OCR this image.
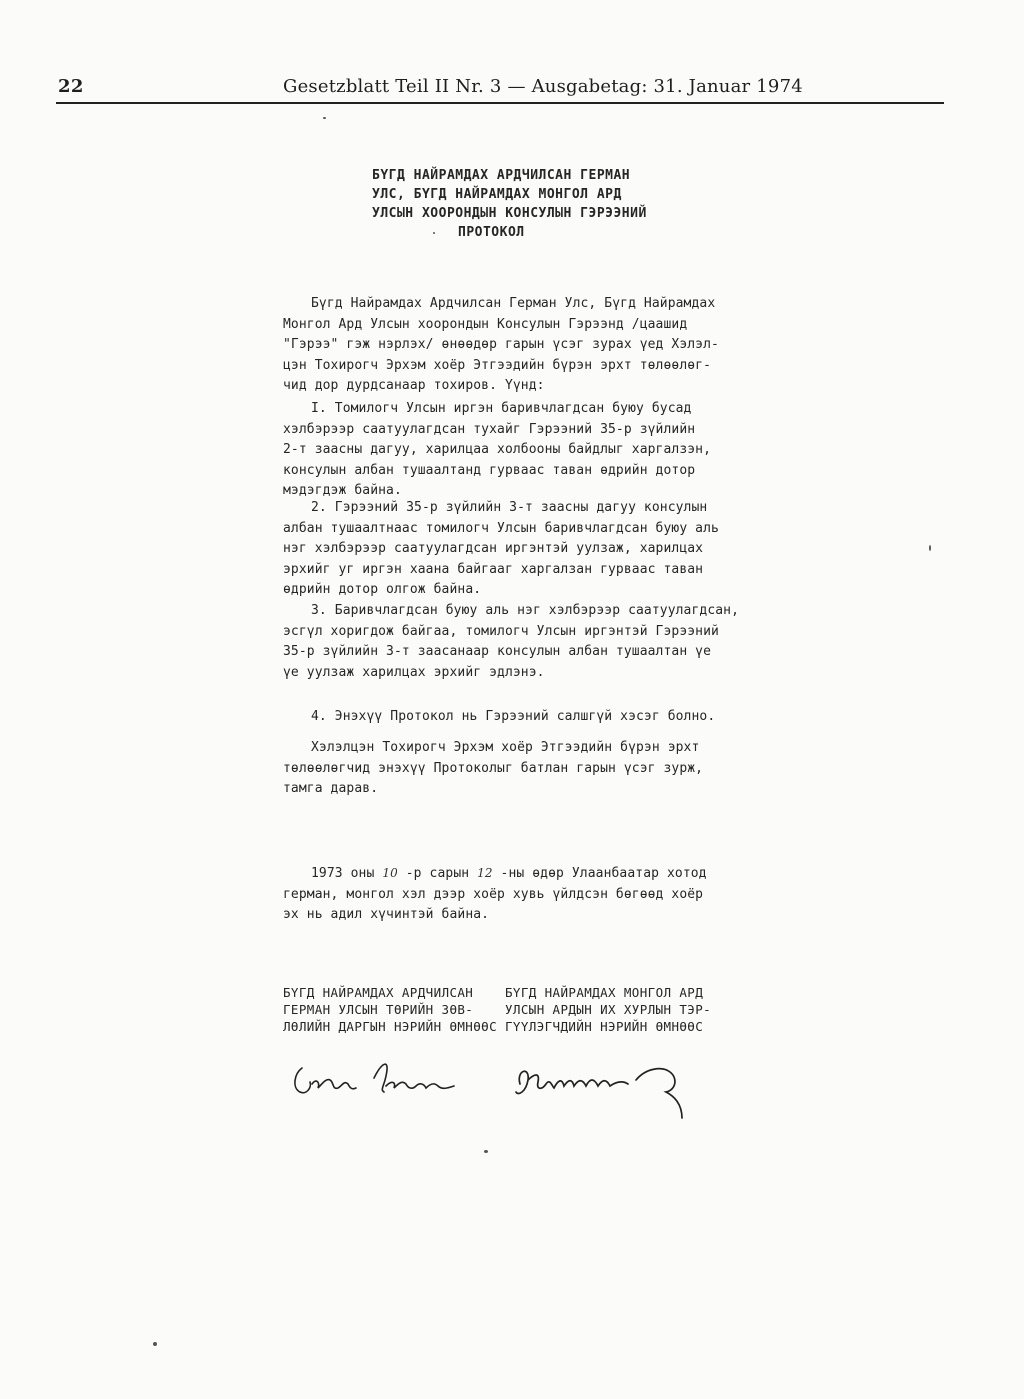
22	Gesetzblatt Teil II Nr. 3 — Ausgabetag: 31. Januar 1974
БҮГД НАЙРАМДАХ АРДЧИЛСАН ГЕРМАН
УЛС, БҮГД НАЙРАМДАХ МОНГОЛ АРД
УЛСЫН ХООРОНДЫН КОНСУЛЫН ГЭРЭЭНИЙ
ПРОТОКОЛ
Бүгд Найрамдах Ардчилсан Герман Улс, Бүгд Найрамдах
Монгол Ард Улсын хоорондын Консулын Гэрээнд /цаашид
"Гэрээ" гэж нэрлэх/ өнөөдөр гарын үсэг зурах үед Хэлэл-
цэн Тохирогч Эрхэм хоёр Этгээдийн бүрэн эрхт төлөөлөг-
чид дор дурдсанаар тохиров. Үүнд:
I. Томилогч Улсын иргэн баривчлагдсан буюу бусад
хэлбэрээр саатуулагдсан тухайг Гэрээний 35-р зүйлийн
2-т заасны дагуу, харилцаа холбооны байдлыг харгалзэн,
консулын албан тушаалтанд гурваас таван өдрийн дотор
мэдэгдэж байна.
2. Гэрээний 35-р зүйлийн 3-т заасны дагуу консулын
албан тушаалтнаас томилогч Улсын баривчлагдсан буюу аль
нэг хэлбэрээр саатуулагдсан иргэнтэй уулзаж, харилцах
эрхийг уг иргэн хаана байгааг харгалзан гурваас таван
өдрийн дотор олгож байна.
3. Баривчлагдсан буюу аль нэг хэлбэрээр саатуулагдсан,
эсгүл хоригдож байгаа, томилогч Улсын иргэнтэй Гэрээний
35-р зүйлийн 3-т заасанаар консулын албан тушаалтан үе
үе уулзаж харилцах эрхийг эдлэнэ.
4. Энэхүү Протокол нь Гэрээний салшгүй хэсэг болно.
Хэлэлцэн Тохирогч Эрхэм хоёр Этгээдийн бүрэн эрхт
төлөөлөгчид энэхүү Протоколыг батлан гарын үсэг зурж,
тамга дарав.
1973 оны 10 -р сарын 12 -ны өдөр Улаанбаатар хотод
герман, монгол хэл дээр хоёр хувь үйлдсэн бөгөөд хоёр
эх нь адил хүчинтэй байна.
БҮГД НАЙРАМДАХ АРДЧИЛСАН
ГЕРМАН УЛСЫН ТӨРИЙН ЗӨВ-
ЛӨЛИЙН ДАРГЫН НЭРИЙН ӨМНӨӨС
БҮГД НАЙРАМДАХ МОНГОЛ АРД
УЛСЫН АРДЫН ИХ ХУРЛЫН ТЭР-
ГҮҮЛЭГЧДИЙН НЭРИЙН ӨМНӨӨС
